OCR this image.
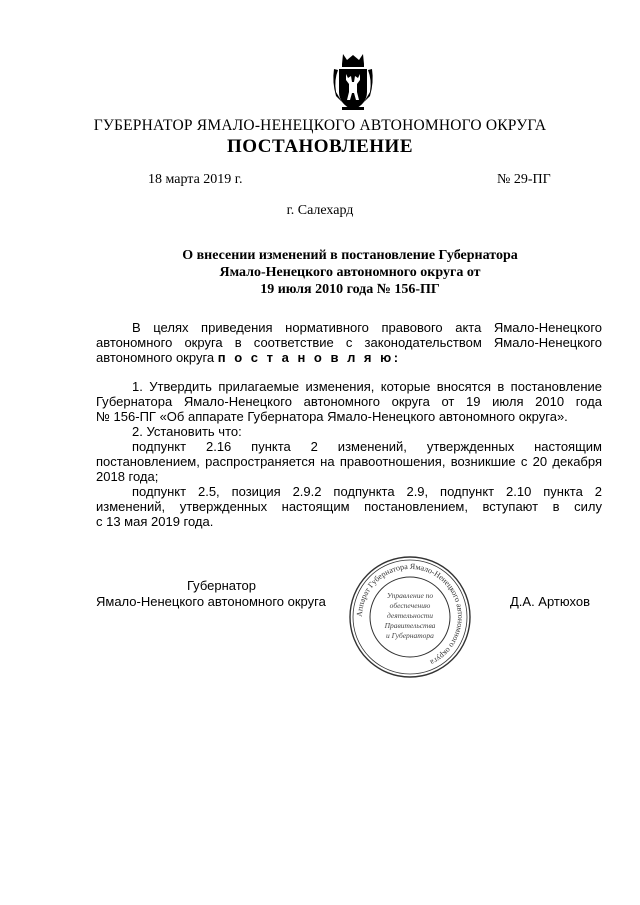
ГУБЕРНАТОР ЯМАЛО-НЕНЕЦКОГО АВТОНОМНОГО ОКРУГА
ПОСТАНОВЛЕНИЕ
18 марта 2019 г.	№ 29-ПГ
г. Салехард
О внесении изменений в постановление Губернатора
Ямало-Ненецкого автономного округа от
19 июля 2010 года № 156-ПГ
В целях приведения нормативного правового акта Ямало-Ненецкого
автономного округа в соответствие с законодательством Ямало-Ненецкого
автономного округа п о с т а н о в л я ю:
1. Утвердить прилагаемые изменения, которые вносятся в постановление
Губернатора Ямало-Ненецкого автономного округа от 19 июля 2010 года
№ 156-ПГ «Об аппарате Губернатора Ямало-Ненецкого автономного округа».
2. Установить что:
подпункт 2.16 пункта 2 изменений, утвержденных настоящим
постановлением, распространяется на правоотношения, возникшие с 20 декабря
2018 года;
подпункт 2.5, позиция 2.9.2 подпункта 2.9, подпункт 2.10 пункта 2
изменений, утвержденных настоящим постановлением, вступают в силу
с 13 мая 2019 года.
Губернатор
Ямало-Ненецкого автономного округа	Д.А. Артюхов
Аппарат Губернатора Ямало-Ненецкого автономного округа
Управление по
обеспечению
деятельности
Правительства
и Губернатора
